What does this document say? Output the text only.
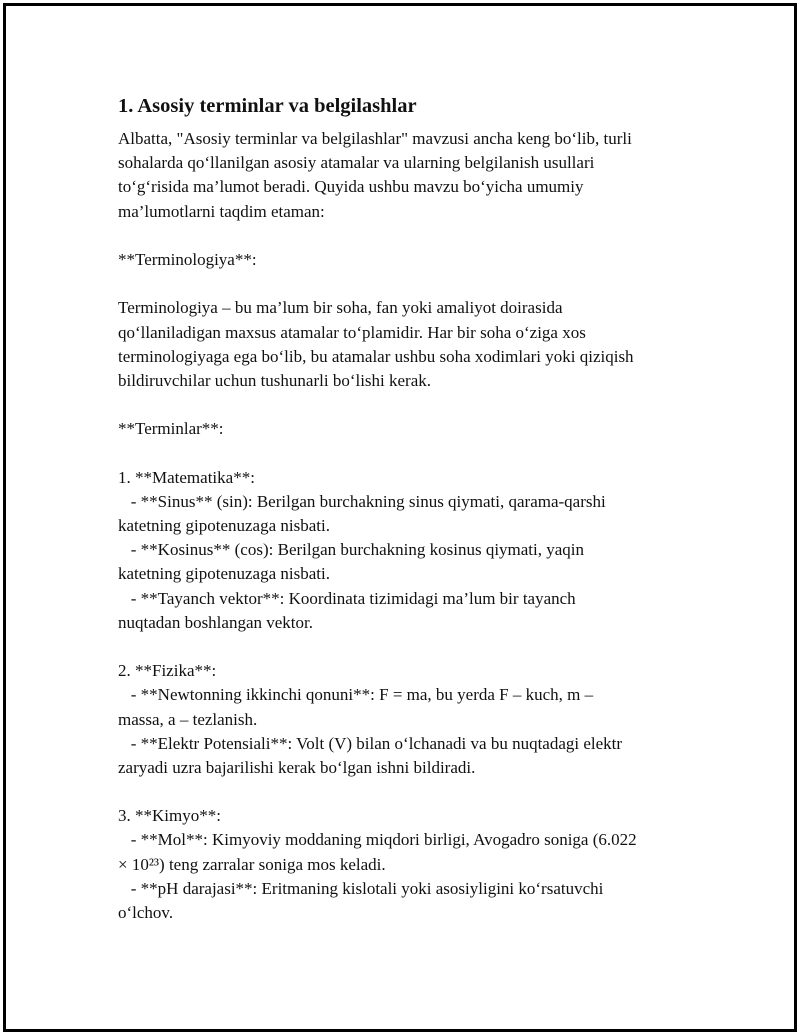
1. Asosiy terminlar va belgilashlar
Albatta, "Asosiy terminlar va belgilashlar" mavzusi ancha keng bo‘lib, turli
sohalarda qo‘llanilgan asosiy atamalar va ularning belgilanish usullari
to‘g‘risida ma’lumot beradi. Quyida ushbu mavzu bo‘yicha umumiy
ma’lumotlarni taqdim etaman:
**Terminologiya**:
Terminologiya – bu ma’lum bir soha, fan yoki amaliyot doirasida
qo‘llaniladigan maxsus atamalar to‘plamidir. Har bir soha o‘ziga xos
terminologiyaga ega bo‘lib, bu atamalar ushbu soha xodimlari yoki qiziqish
bildiruvchilar uchun tushunarli bo‘lishi kerak.
**Terminlar**:
1. **Matematika**:
- **Sinus** (sin): Berilgan burchakning sinus qiymati, qarama-qarshi
katetning gipotenuzaga nisbati.
- **Kosinus** (cos): Berilgan burchakning kosinus qiymati, yaqin
katetning gipotenuzaga nisbati.
- **Tayanch vektor**: Koordinata tizimidagi ma’lum bir tayanch
nuqtadan boshlangan vektor.
2. **Fizika**:
- **Newtonning ikkinchi qonuni**: F = ma, bu yerda F – kuch, m –
massa, a – tezlanish.
- **Elektr Potensiali**: Volt (V) bilan o‘lchanadi va bu nuqtadagi elektr
zaryadi uzra bajarilishi kerak bo‘lgan ishni bildiradi.
3. **Kimyo**:
- **Mol**: Kimyoviy moddaning miqdori birligi, Avogadro soniga (6.022
× 10²³) teng zarralar soniga mos keladi.
- **pH darajasi**: Eritmaning kislotali yoki asosiyligini ko‘rsatuvchi
o‘lchov.
